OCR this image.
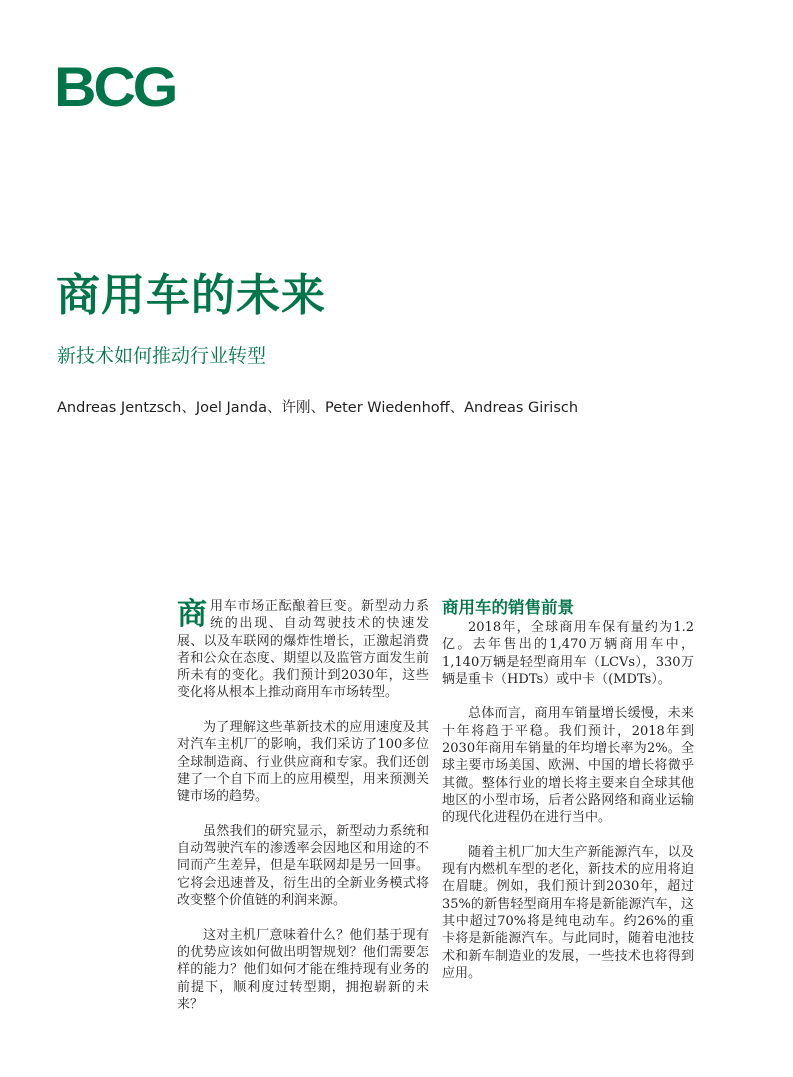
BCG
商用车的未来
新技术如何推动行业转型
Andreas Jentzsch、Joel Janda、许刚、Peter Wiedenhoff、Andreas Girisch

商用车市场正酝酿着巨变。新型动力系统的出现、自动驾驶技术的快速发展、以及车联网的爆炸性增长，正激起消费者和公众在态度、期望以及监管方面发生前所未有的变化。我们预计到2030年，这些变化将从根本上推动商用车市场转型。

为了理解这些革新技术的应用速度及其对汽车主机厂的影响，我们采访了100多位全球制造商、行业供应商和专家。我们还创建了一个自下而上的应用模型，用来预测关键市场的趋势。

虽然我们的研究显示，新型动力系统和自动驾驶汽车的渗透率会因地区和用途的不同而产生差异，但是车联网却是另一回事。它将会迅速普及，衍生出的全新业务模式将改变整个价值链的利润来源。

这对主机厂意味着什么？他们基于现有的优势应该如何做出明智规划？他们需要怎样的能力？他们如何才能在维持现有业务的前提下，顺利度过转型期，拥抱崭新的未来？

商用车的销售前景

2018年，全球商用车保有量约为1.2亿。去年售出的1,470万辆商用车中，1,140万辆是轻型商用车（LCVs），330万辆是重卡（HDTs）或中卡（(MDTs）。

总体而言，商用车销量增长缓慢，未来十年将趋于平稳。我们预计，2018年到2030年商用车销量的年均增长率为2%。全球主要市场美国、欧洲、中国的增长将微乎其微。整体行业的增长将主要来自全球其他地区的小型市场，后者公路网络和商业运输的现代化进程仍在进行当中。

随着主机厂加大生产新能源汽车，以及现有内燃机车型的老化，新技术的应用将迫在眉睫。例如，我们预计到2030年，超过35%的新售轻型商用车将是新能源汽车，这其中超过70%将是纯电动车。约26%的重卡将是新能源汽车。与此同时，随着电池技术和新车制造业的发展，一些技术也将得到应用。
